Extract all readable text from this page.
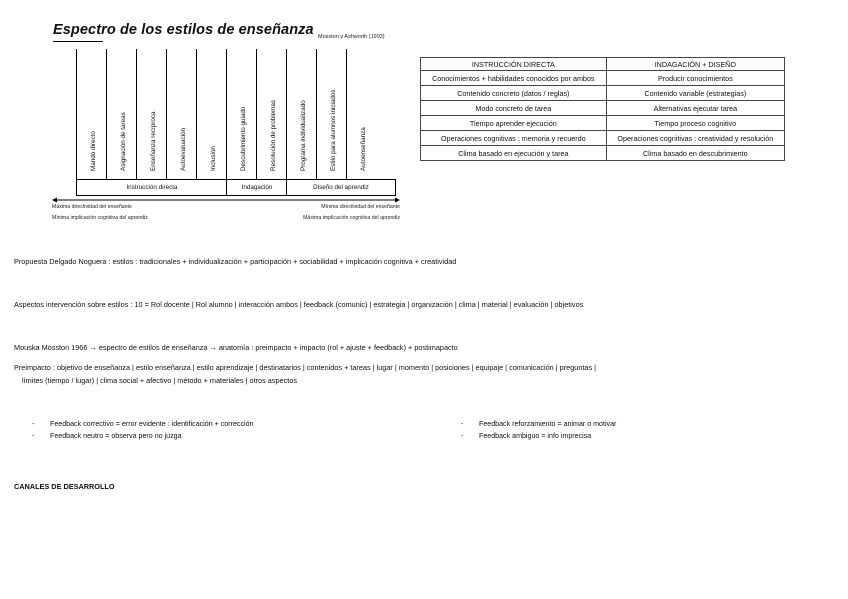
Espectro de los estilos de enseñanza Mosston y Ashworth (1993)
Mando directo	Asignación de tareas	Enseñanza recíproca	Autoevaluación	Inclusión	Descubrimiento guiado	Resolución de problemas	Programa individualizado	Estilo para alumnos iniciados	Autoenseñanza
Instrucción directa	Indagación	Diseño del aprendiz
Máxima directividad del enseñante
Mínima implicación cognitiva del aprendiz
Mínima directividad del enseñante
Máxima implicación cognitiva del aprendiz
INSTRUCCIÓN DIRECTA	INDAGACIÓN + DISEÑO
Conocimientos + habilidades conocidos por ambos	Producir conocimientos
Contenido concreto (datos / reglas)	Contenido variable (estrategias)
Modo concreto de tarea	Alternativas ejecutar tarea
Tiempo aprender ejecución	Tiempo proceso cognitivo
Operaciones cognitivas : memoria y recuerdo	Operaciones cognitivas : creatividad y resolución
Clima basado en ejecución y tarea	Clima basado en descubrimiento
Propuesta Delgado Noguera : estilos : tradicionales + individualización + participación + sociabilidad + implicación cognitiva + creatividad
Aspectos intervención sobre estilos : 10 = Rol docente | Rol alumno | interacción ambos | feedback (comunic) | estrategia | organización | clima | material | evaluación | objetivos
Mouska Mosston 1966 → espectro de estilos de enseñanza → anatomía : preimpacto + impacto (rol + ajuste + feedback) + postimapacto
Preimpacto : objetivo de enseñanza | estilo enseñanza | estilo aprendizaje | destinatarios | contenidos + tareas | lugar | momento | posiciones | equipaje | comunicación | preguntas |
límites (tiempo / lugar) | clima social + afectivo | método + materiales | otros aspectos
- Feedback correctivo = error evidente : identificación + corrección
- Feedback neutro = observa pero no juzga
- Feedback reforzamiento = animar o motivar
- Feedback ambiguo = info imprecisa
CANALES DE DESARROLLO
